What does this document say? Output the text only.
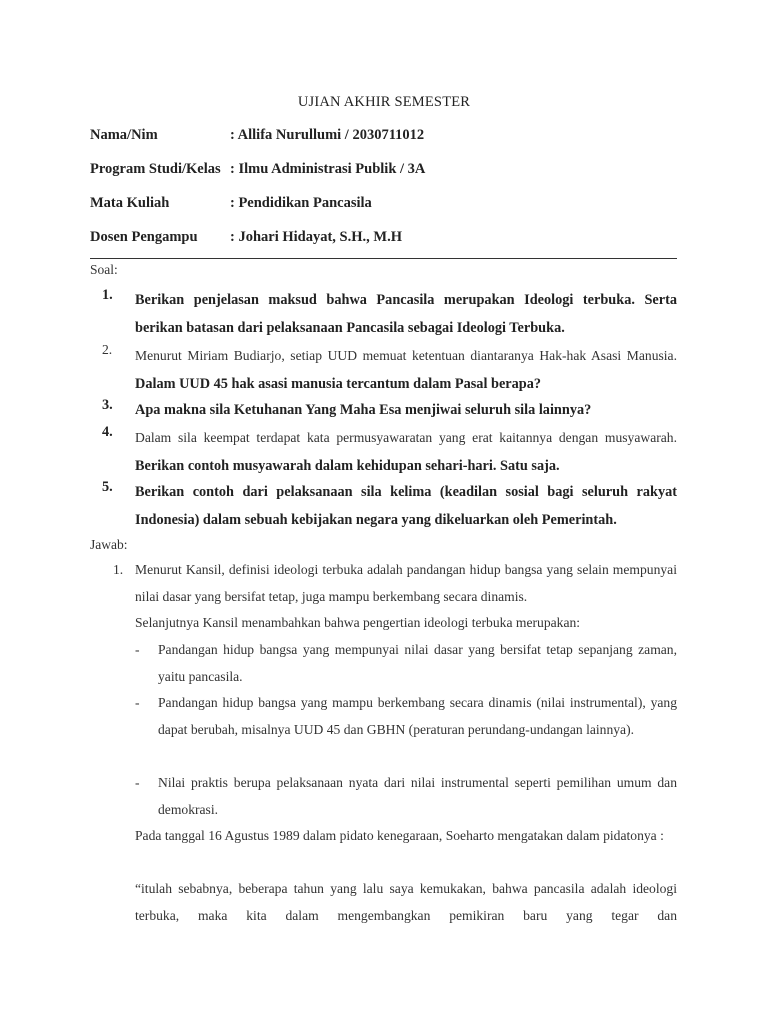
UJIAN AKHIR SEMESTER
Nama/Nim	: Allifa Nurullumi / 2030711012
Program Studi/Kelas : Ilmu Administrasi Publik / 3A
Mata Kuliah	: Pendidikan Pancasila
Dosen Pengampu : Johari Hidayat, S.H., M.H
Soal:
1. Berikan penjelasan maksud bahwa Pancasila merupakan Ideologi terbuka. Serta berikan batasan dari pelaksanaan Pancasila sebagai Ideologi Terbuka.
2. Menurut Miriam Budiarjo, setiap UUD memuat ketentuan diantaranya Hak-hak Asasi Manusia. Dalam UUD 45 hak asasi manusia tercantum dalam Pasal berapa?
3. Apa makna sila Ketuhanan Yang Maha Esa menjiwai seluruh sila lainnya?
4. Dalam sila keempat terdapat kata permusyawaratan yang erat kaitannya dengan musyawarah. Berikan contoh musyawarah dalam kehidupan sehari-hari. Satu saja.
5. Berikan contoh dari pelaksanaan sila kelima (keadilan sosial bagi seluruh rakyat Indonesia) dalam sebuah kebijakan negara yang dikeluarkan oleh Pemerintah.
Jawab:
1. Menurut Kansil, definisi ideologi terbuka adalah pandangan hidup bangsa yang selain mempunyai nilai dasar yang bersifat tetap, juga mampu berkembang secara dinamis.
Selanjutnya Kansil menambahkan bahwa pengertian ideologi terbuka merupakan:
- Pandangan hidup bangsa yang mempunyai nilai dasar yang bersifat tetap sepanjang zaman, yaitu pancasila.
- Pandangan hidup bangsa yang mampu berkembang secara dinamis (nilai instrumental), yang dapat berubah, misalnya UUD 45 dan GBHN (peraturan perundang-undangan lainnya).
- Nilai praktis berupa pelaksanaan nyata dari nilai instrumental seperti pemilihan umum dan demokrasi.
Pada tanggal 16 Agustus 1989 dalam pidato kenegaraan, Soeharto mengatakan dalam pidatonya :
“itulah sebabnya, beberapa tahun yang lalu saya kemukakan, bahwa pancasila adalah ideologi terbuka, maka kita dalam mengembangkan pemikiran baru yang tegar dan
